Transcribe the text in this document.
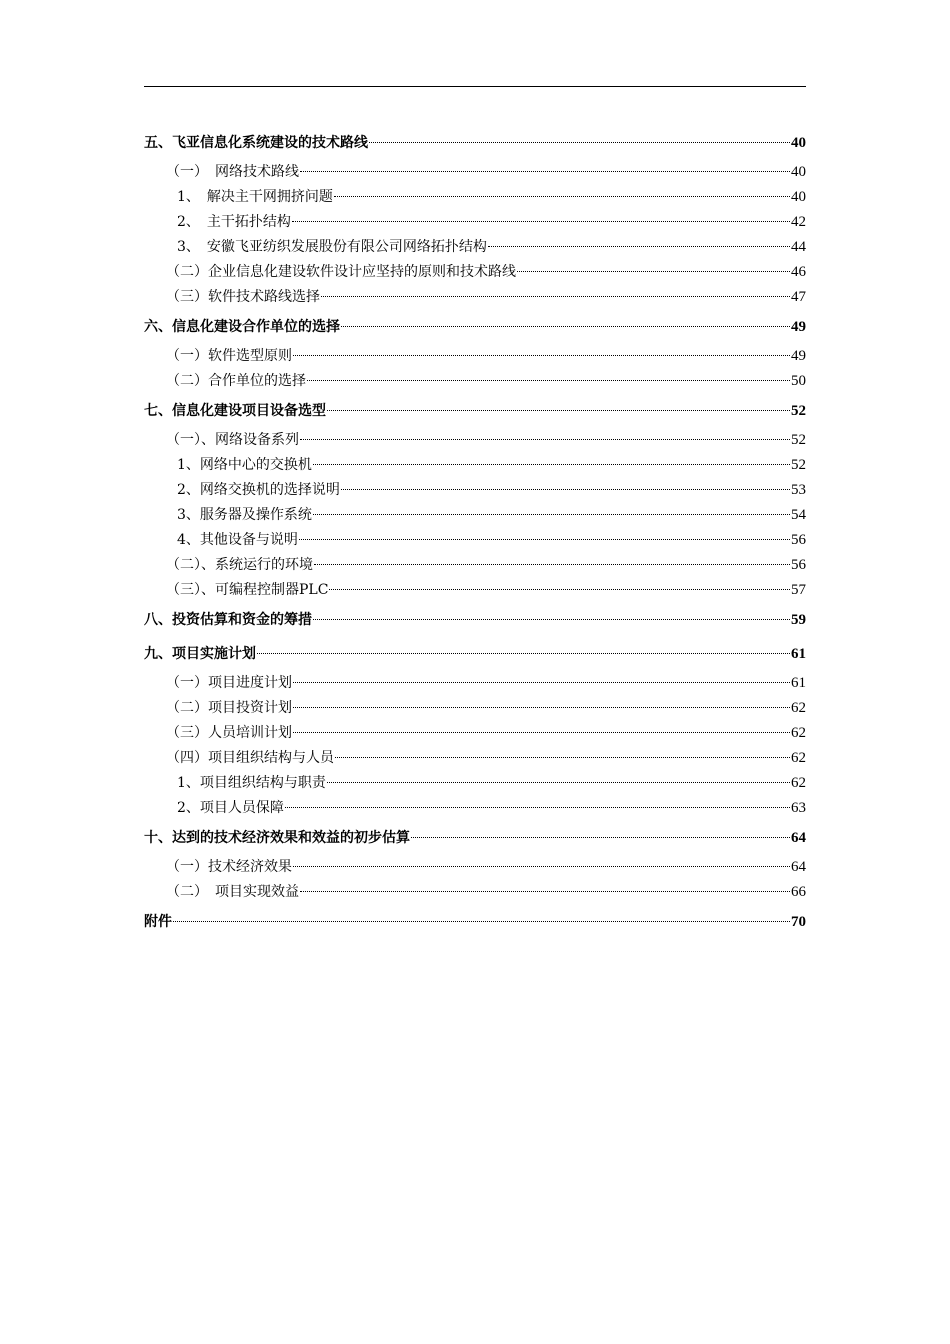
五、飞亚信息化系统建设的技术路线	40
（一）　网络技术路线	40
1、　解决主干网拥挤问题	40
2、　主干拓扑结构	42
3、　安徽飞亚纺织发展股份有限公司网络拓扑结构	44
（二）企业信息化建设软件设计应坚持的原则和技术路线	46
（三）软件技术路线选择	47
六、信息化建设合作单位的选择	49
（一）软件选型原则	49
（二）合作单位的选择	50
七、信息化建设项目设备选型	52
（一）、网络设备系列	52
1、网络中心的交换机	52
2、网络交换机的选择说明	53
3、服务器及操作系统	54
4、其他设备与说明	56
（二）、系统运行的环境	56
（三）、可编程控制器PLC	57
八、投资估算和资金的筹措	59
九、项目实施计划	61
（一）项目进度计划	61
（二）项目投资计划	62
（三）人员培训计划	62
（四）项目组织结构与人员	62
1、项目组织结构与职责	62
2、项目人员保障	63
十、达到的技术经济效果和效益的初步估算	64
（一）技术经济效果	64
（二）　项目实现效益	66
附件	70
